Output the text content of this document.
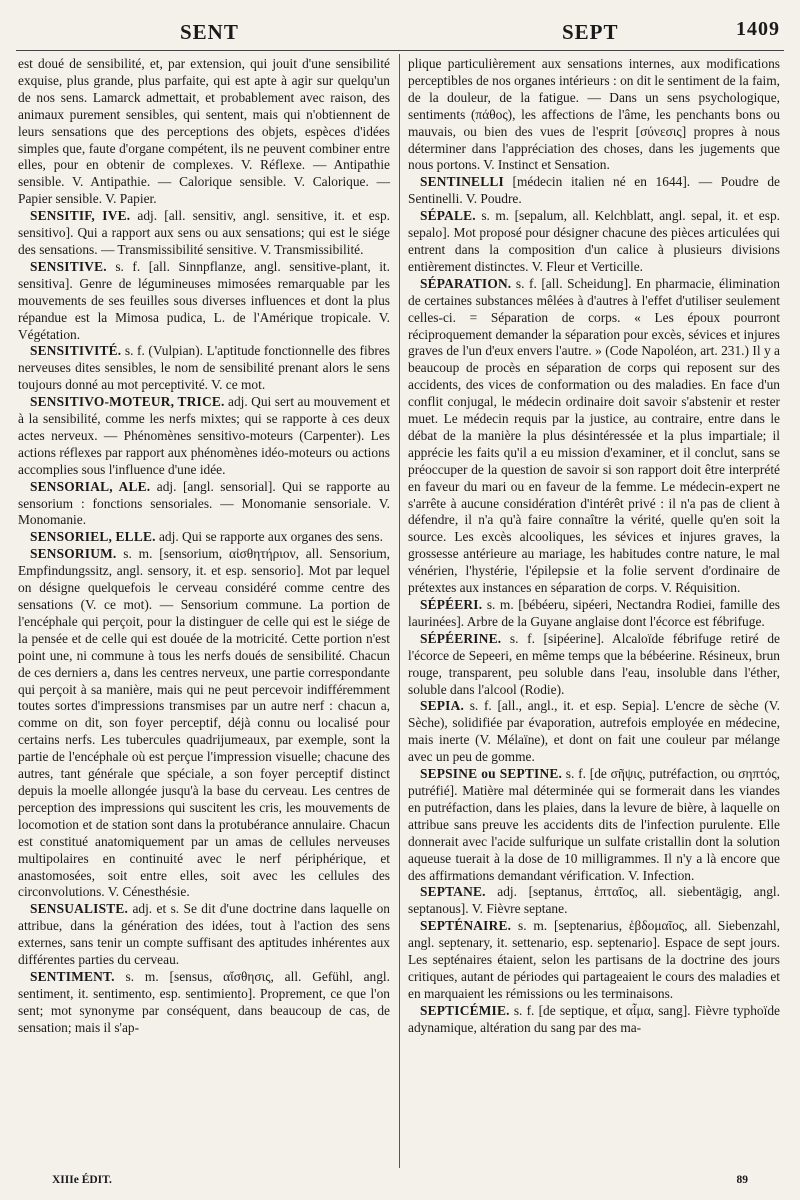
SENT	SEPT	1409

est doué de sensibilité, et, par extension, qui jouit d'une sensibilité exquise, plus grande, plus parfaite, qui est apte à agir sur quelqu'un de nos sens. Lamarck admettait, et probablement avec raison, des animaux purement sensibles, qui sentent, mais qui n'obtiennent de leurs sensations que des perceptions des objets, espèces d'idées simples que, faute d'organe compétent, ils ne peuvent combiner entre elles, pour en obtenir de complexes. V. Réflexe. — Antipathie sensible. V. Antipathie. — Calorique sensible. V. Calorique. — Papier sensible. V. Papier.

SENSITIF, IVE. adj. [all. sensitiv, angl. sensitive, it. et esp. sensitivo]. Qui a rapport aux sens ou aux sensations; qui est le siége des sensations. — Transmissibilité sensitive. V. Transmissibilité.

SENSITIVE. s. f. [all. Sinnpflanze, angl. sensitive-plant, it. sensitiva]. Genre de légumineuses mimosées remarquable par les mouvements de ses feuilles sous diverses influences et dont la plus répandue est la Mimosa pudica, L. de l'Amérique tropicale. V. Végétation.

SENSITIVITÉ. s. f. (Vulpian). L'aptitude fonctionnelle des fibres nerveuses dites sensibles, le nom de sensibilité prenant alors le sens toujours donné au mot perceptivité. V. ce mot.

SENSITIVO-MOTEUR, TRICE. adj. Qui sert au mouvement et à la sensibilité, comme les nerfs mixtes; qui se rapporte à ces deux actes nerveux. — Phénomènes sensitivo-moteurs (Carpenter). Les actions réflexes par rapport aux phénomènes idéo-moteurs ou actions accomplies sous l'influence d'une idée.

SENSORIAL, ALE. adj. [angl. sensorial]. Qui se rapporte au sensorium : fonctions sensoriales. — Monomanie sensoriale. V. Monomanie.

SENSORIEL, ELLE. adj. Qui se rapporte aux organes des sens.

SENSORIUM. s. m. [sensorium, αἰσθητήριον, all. Sensorium, Empfindungssitz, angl. sensory, it. et esp. sensorio]. Mot par lequel on désigne quelquefois le cerveau considéré comme centre des sensations (V. ce mot). — Sensorium commune. La portion de l'encéphale qui perçoit, pour la distinguer de celle qui est le siége de la pensée et de celle qui est douée de la motricité. Cette portion n'est point une, ni commune à tous les nerfs doués de sensibilité. Chacun de ces derniers a, dans les centres nerveux, une partie correspondante qui perçoit à sa manière, mais qui ne peut percevoir indifféremment toutes sortes d'impressions transmises par un autre nerf : chacun a, comme on dit, son foyer perceptif, déjà connu ou localisé pour certains nerfs. Les tubercules quadrijumeaux, par exemple, sont la partie de l'encéphale où est perçue l'impression visuelle; chacune des autres, tant générale que spéciale, a son foyer perceptif distinct depuis la moelle allongée jusqu'à la base du cerveau. Les centres de perception des impressions qui suscitent les cris, les mouvements de locomotion et de station sont dans la protubérance annulaire. Chacun est constitué anatomiquement par un amas de cellules nerveuses multipolaires en continuité avec le nerf périphérique, et anastomosées, soit entre elles, soit avec les cellules des circonvolutions. V. Cénesthésie.

SENSUALISTE. adj. et s. Se dit d'une doctrine dans laquelle on attribue, dans la génération des idées, tout à l'action des sens externes, sans tenir un compte suffisant des aptitudes inhérentes aux différentes parties du cerveau.

SENTIMENT. s. m. [sensus, αἴσθησις, all. Gefühl, angl. sentiment, it. sentimento, esp. sentimiento]. Proprement, ce que l'on sent; mot synonyme par conséquent, dans beaucoup de cas, de sensation; mais il s'ap-

plique particulièrement aux sensations internes, aux modifications perceptibles de nos organes intérieurs : on dit le sentiment de la faim, de la douleur, de la fatigue. — Dans un sens psychologique, sentiments (πάθος), les affections de l'âme, les penchants bons ou mauvais, ou bien des vues de l'esprit [σύνεσις] propres à nous déterminer dans l'appréciation des choses, dans les jugements que nous portons. V. Instinct et Sensation.

SENTINELLI [médecin italien né en 1644]. — Poudre de Sentinelli. V. Poudre.

SÉPALE. s. m. [sepalum, all. Kelchblatt, angl. sepal, it. et esp. sepalo]. Mot proposé pour désigner chacune des pièces articulées qui entrent dans la composition d'un calice à plusieurs divisions entièrement distinctes. V. Fleur et Verticille.

SÉPARATION. s. f. [all. Scheidung]. En pharmacie, élimination de certaines substances mêlées à d'autres à l'effet d'utiliser seulement celles-ci. = Séparation de corps. « Les époux pourront réciproquement demander la séparation pour excès, sévices et injures graves de l'un d'eux envers l'autre. » (Code Napoléon, art. 231.) Il y a beaucoup de procès en séparation de corps qui reposent sur des accidents, des vices de conformation ou des maladies. En face d'un conflit conjugal, le médecin ordinaire doit savoir s'abstenir et rester muet. Le médecin requis par la justice, au contraire, entre dans le débat de la manière la plus désintéressée et la plus impartiale; il apprécie les faits qu'il a eu mission d'examiner, et il conclut, sans se préoccuper de la question de savoir si son rapport doit être interprété en faveur du mari ou en faveur de la femme. Le médecin-expert ne s'arrête à aucune considération d'intérêt privé : il n'a pas de client à défendre, il n'a qu'à faire connaître la vérité, quelle qu'en soit la source. Les excès alcooliques, les sévices et injures graves, la grossesse antérieure au mariage, les habitudes contre nature, le mal vénérien, l'hystérie, l'épilepsie et la folie servent d'ordinaire de prétextes aux instances en séparation de corps. V. Réquisition.

SÉPÉERI. s. m. [bébéeru, sipéeri, Nectandra Rodiei, famille des laurinées]. Arbre de la Guyane anglaise dont l'écorce est fébrifuge.

SÉPÉERINE. s. f. [sipéerine]. Alcaloïde fébrifuge retiré de l'écorce de Sepeeri, en même temps que la bébéerine. Résineux, brun rouge, transparent, peu soluble dans l'eau, insoluble dans l'éther, soluble dans l'alcool (Rodie).

SEPIA. s. f. [all., angl., it. et esp. Sepia]. L'encre de sèche (V. Sèche), solidifiée par évaporation, autrefois employée en médecine, mais inerte (V. Mélaïne), et dont on fait une couleur par mélange avec un peu de gomme.

SEPSINE ou SEPTINE. s. f. [de σῆψις, putréfaction, ou σηπτός, putréfié]. Matière mal déterminée qui se formerait dans les viandes en putréfaction, dans les plaies, dans la levure de bière, à laquelle on attribue sans preuve les accidents dits de l'infection purulente. Elle donnerait avec l'acide sulfurique un sulfate cristallin dont la solution aqueuse tuerait à la dose de 10 milligrammes. Il n'y a là encore que des affirmations demandant vérification. V. Infection.

SEPTANE. adj. [septanus, ἑπταῖος, all. siebentägig, angl. septanous]. V. Fièvre septane.

SEPTÉNAIRE. s. m. [septenarius, ἑβδομαῖος, all. Siebenzahl, angl. septenary, it. settenario, esp. septenario]. Espace de sept jours. Les septénaires étaient, selon les partisans de la doctrine des jours critiques, autant de périodes qui partageaient le cours des maladies et en marquaient les rémissions ou les terminaisons.

SEPTICÉMIE. s. f. [de septique, et αἷμα, sang]. Fièvre typhoïde adynamique, altération du sang par des ma-

XIIIe ÉDIT.	89
